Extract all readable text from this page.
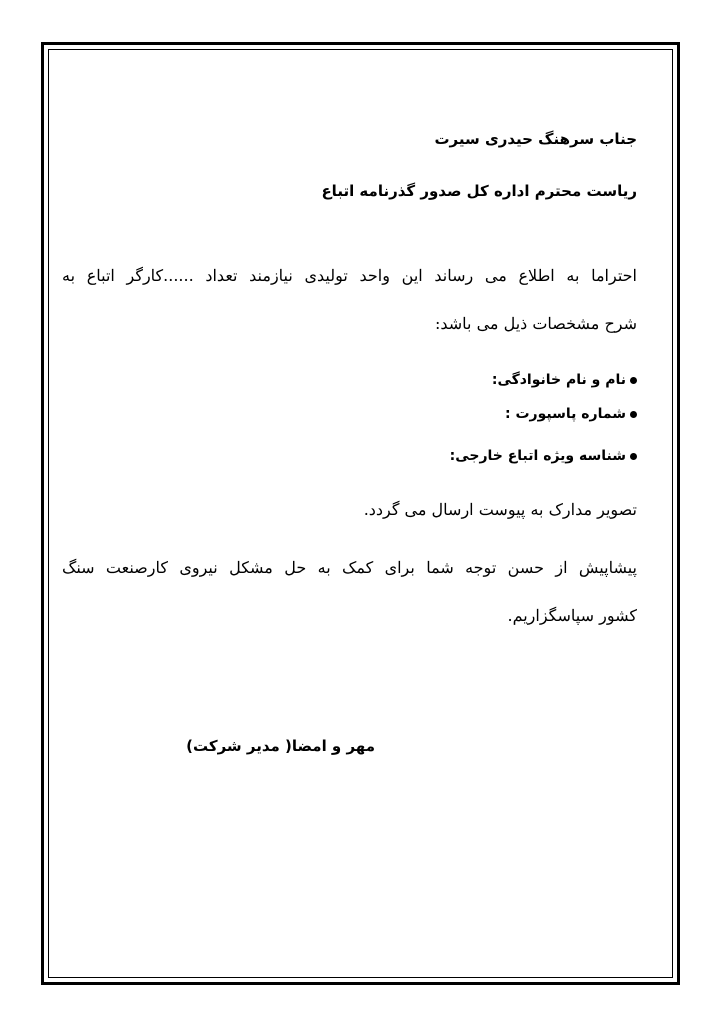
جناب سرهنگ حیدری سیرت
ریاست محترم اداره کل صدور گذرنامه اتباع
احتراما به اطلاع می رساند این واحد تولیدی نیازمند تعداد ......کارگر اتباع به
شرح مشخصات ذیل می باشد:
نام و نام خانوادگی:
شماره پاسپورت :
شناسه ویژه اتباع خارجی:
تصویر مدارک به پیوست ارسال می گردد.
پیشاپیش از حسن توجه شما برای کمک به حل مشکل نیروی کارصنعت سنگ
کشور سپاسگزاریم.
مهر و امضا( مدیر شرکت)
